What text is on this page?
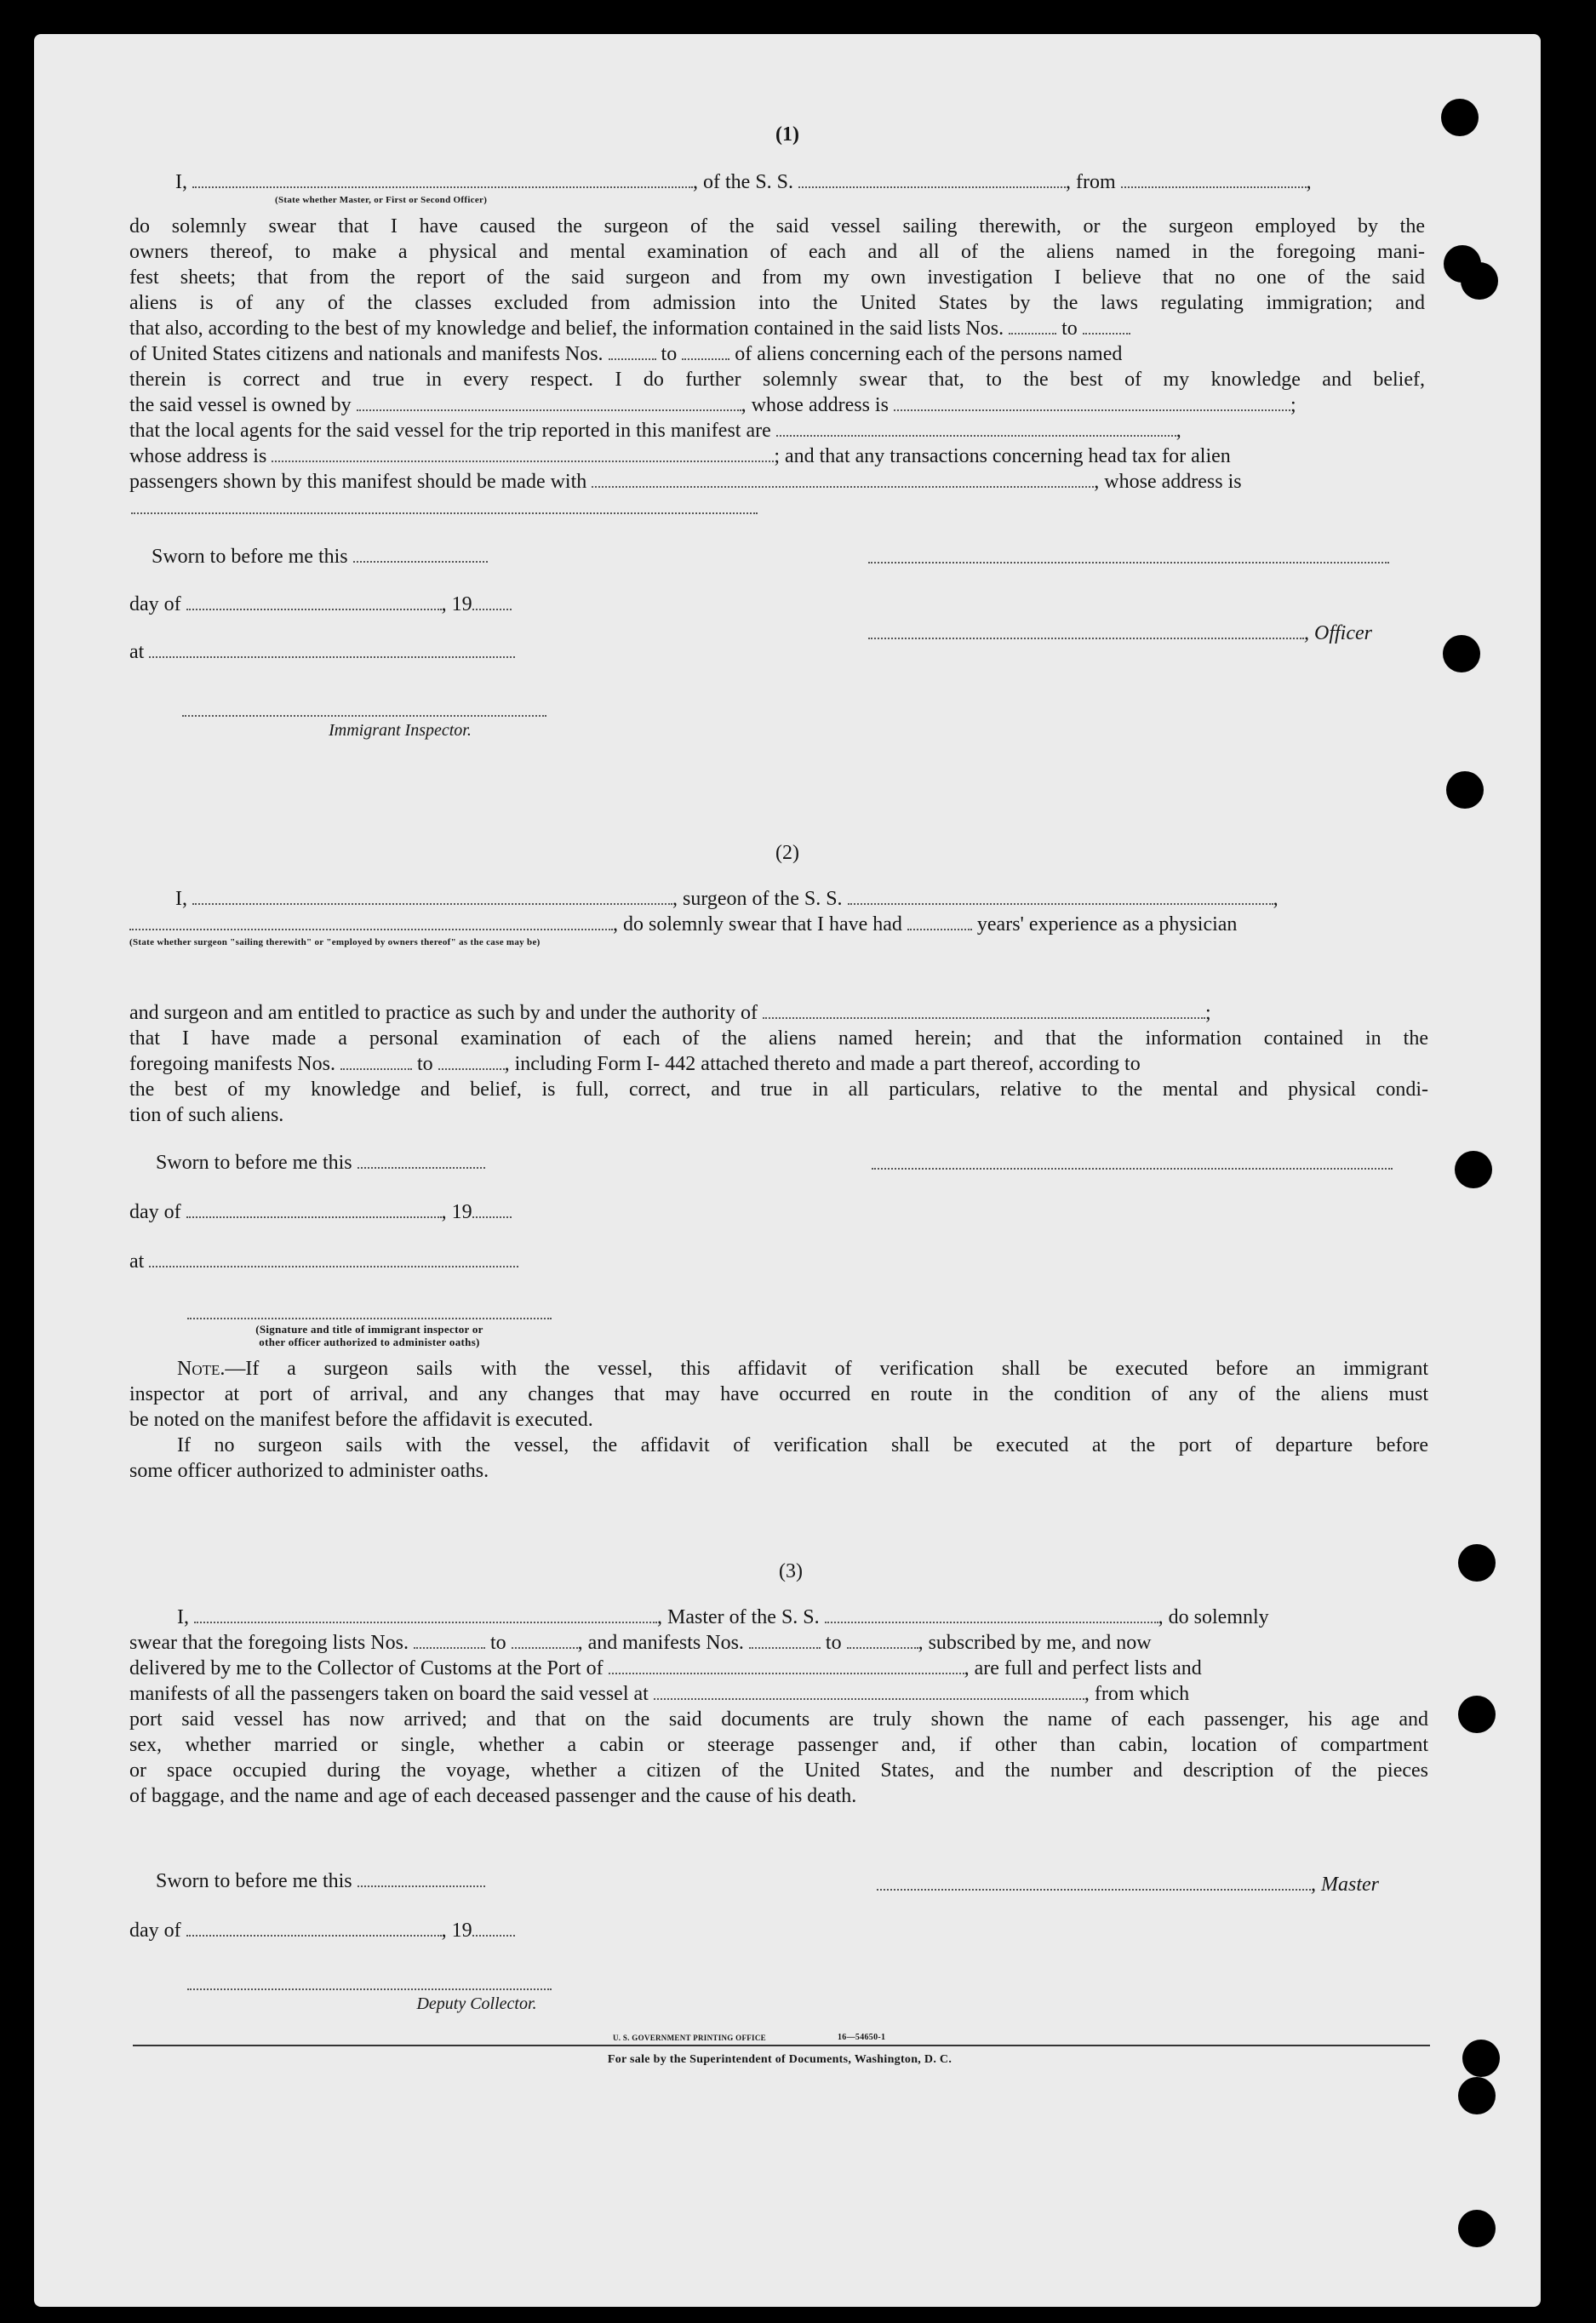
(1)
I,	, of the S. S.	, from	,
(State whether Master, or First or Second Officer)
do solemnly swear that I have caused the surgeon of the said vessel sailing therewith, or the surgeon employed by the
owners thereof, to make a physical and mental examination of each and all of the aliens named in the foregoing mani-
fest sheets; that from the report of the said surgeon and from my own investigation I believe that no one of the said
aliens is of any of the classes excluded from admission into the United States by the laws regulating immigration; and
that also, according to the best of my knowledge and belief, the information contained in the said lists Nos.	to
of United States citizens and nationals and manifests Nos.	to	of aliens concerning each of the persons named
therein is correct and true in every respect. I do further solemnly swear that, to the best of my knowledge and belief,
the said vessel is owned by	, whose address is	;
that the local agents for the said vessel for the trip reported in this manifest are	,
whose address is	; and that any transactions concerning head tax for alien
passengers shown by this manifest should be made with	, whose address is
Sworn to before me this
day of	, 19
, Officer
at
Immigrant Inspector.
(2)
I,	, surgeon of the S. S.	,
, do solemnly swear that I have had	years' experience as a physician
(State whether surgeon "sailing therewith" or "employed by owners thereof" as the case may be)
and surgeon and am entitled to practice as such by and under the authority of	;
that I have made a personal examination of each of the aliens named herein; and that the information contained in the
foregoing manifests Nos.	to	, including Form I- 442 attached thereto and made a part thereof, according to
the best of my knowledge and belief, is full, correct, and true in all particulars, relative to the mental and physical condi-
tion of such aliens.
Sworn to before me this
day of	, 19
at
(Signature and title of immigrant inspector or
other officer authorized to administer oaths)
Note.—If a surgeon sails with the vessel, this affidavit of verification shall be executed before an immigrant
inspector at port of arrival, and any changes that may have occurred en route in the condition of any of the aliens must
be noted on the manifest before the affidavit is executed.
If no surgeon sails with the vessel, the affidavit of verification shall be executed at the port of departure before
some officer authorized to administer oaths.
(3)
I,	, Master of the S. S.	, do solemnly
swear that the foregoing lists Nos.	to	, and manifests Nos.	to	, subscribed by me, and now
delivered by me to the Collector of Customs at the Port of	, are full and perfect lists and
manifests of all the passengers taken on board the said vessel at	, from which
port said vessel has now arrived; and that on the said documents are truly shown the name of each passenger, his age and
sex, whether married or single, whether a cabin or steerage passenger and, if other than cabin, location of compartment
or space occupied during the voyage, whether a citizen of the United States, and the number and description of the pieces
of baggage, and the name and age of each deceased passenger and the cause of his death.
Sworn to before me this	, Master
day of	, 19
Deputy Collector.
U. S. GOVERNMENT PRINTING OFFICE	16—54650-1
For sale by the Superintendent of Documents, Washington, D. C.
